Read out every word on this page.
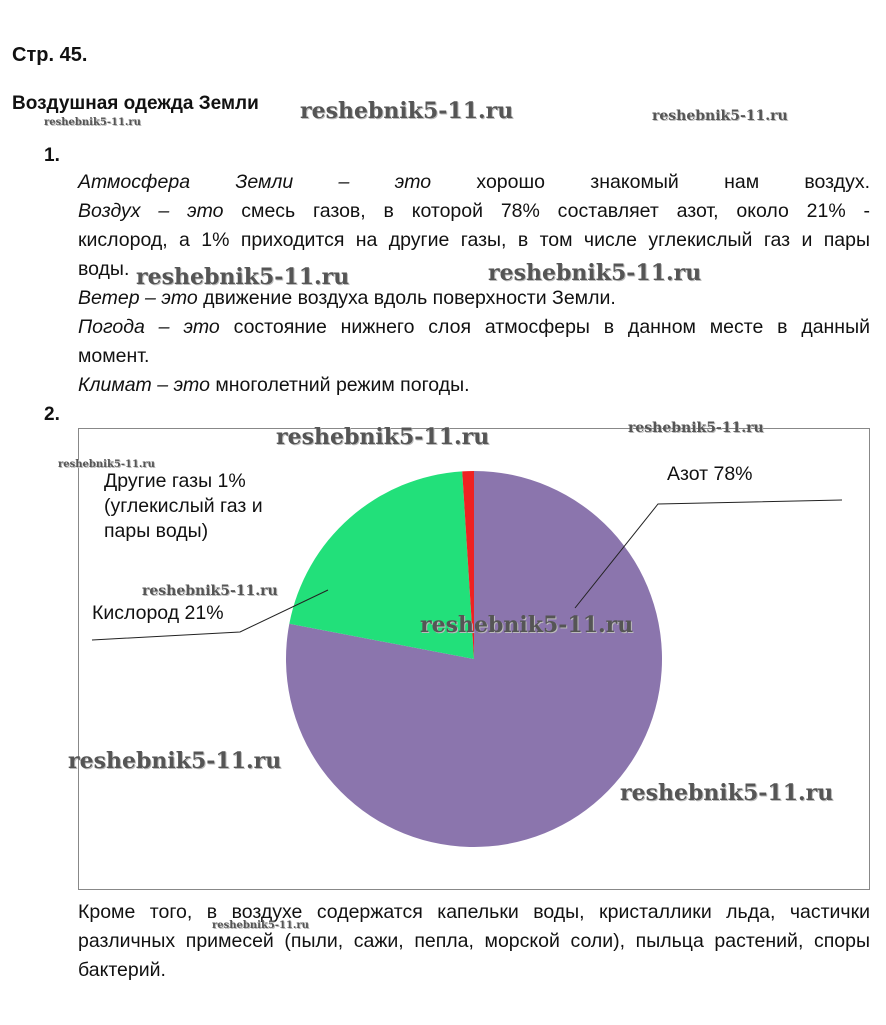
Стр. 45.
Воздушная одежда Земли
1.
Атмосфера Земли – это хорошо знакомый нам воздух.
Воздух – это смесь газов, в которой 78% составляет азот, около 21% -
кислород, а 1% приходится на другие газы, в том числе углекислый газ и пары
воды.
Ветер – это движение воздуха вдоль поверхности Земли.
Погода – это состояние нижнего слоя атмосферы в данном месте в данный
момент.
Климат – это многолетний режим погоды.
2.
Другие газы 1% (углекислый газ и пары воды)
Кислород 21%
Азот 78%
Кроме того, в воздухе содержатся капельки воды, кристаллики льда, частички различных примесей (пыли, сажи, пепла, морской соли), пыльца растений, споры бактерий.
reshebnik5-11.ru	reshebnik5-11.ru
reshebnik5-11.ru
reshebnik5-11.ru	reshebnik5-11.ru
reshebnik5-11.ru	reshebnik5-11.ru
reshebnik5-11.ru
reshebnik5-11.ru
reshebnik5-11.ru
reshebnik5-11.ru
reshebnik5-11.ru
reshebnik5-11.ru
